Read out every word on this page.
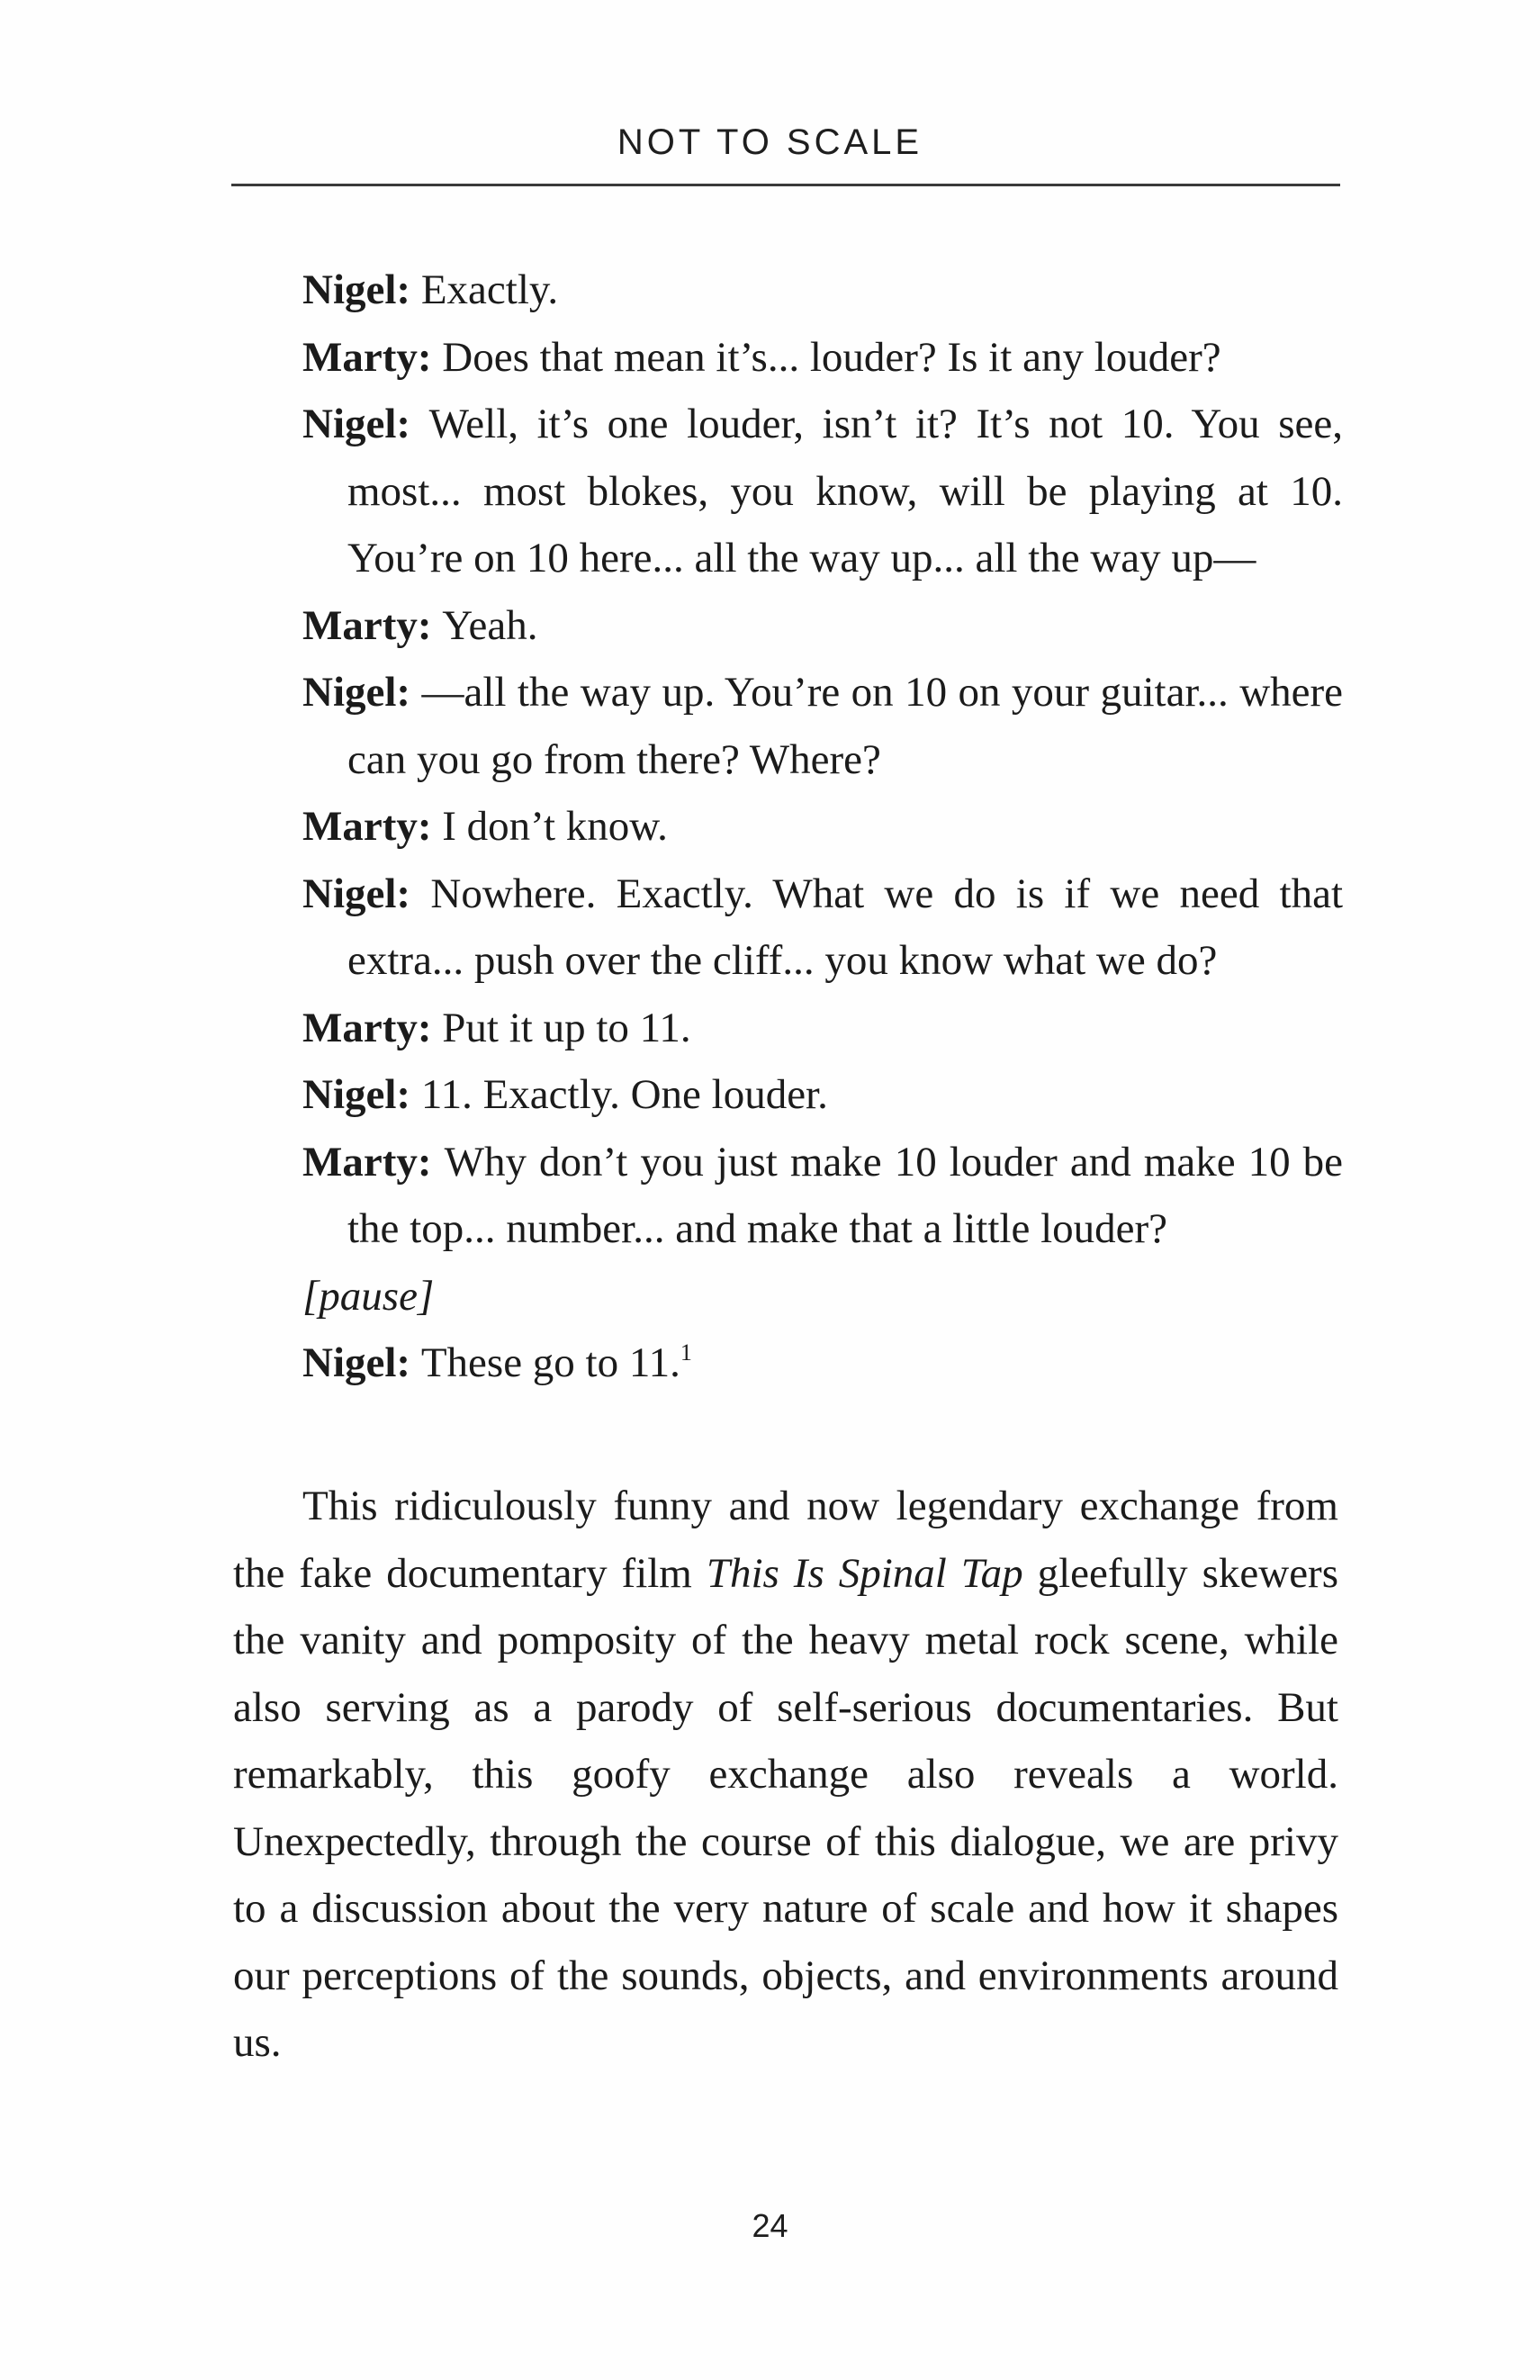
NOT TO SCALE
Nigel: Exactly.
Marty: Does that mean it’s... louder? Is it any louder?
Nigel: Well, it’s one louder, isn’t it? It’s not 10. You see, most... most blokes, you know, will be playing at 10. You’re on 10 here... all the way up... all the way up—
Marty: Yeah.
Nigel: —all the way up. You’re on 10 on your guitar... where can you go from there? Where?
Marty: I don’t know.
Nigel: Nowhere. Exactly. What we do is if we need that extra... push over the cliff... you know what we do?
Marty: Put it up to 11.
Nigel: 11. Exactly. One louder.
Marty: Why don’t you just make 10 louder and make 10 be the top... number... and make that a little louder?
[pause]
Nigel: These go to 11.$^1$

This ridiculously funny and now legendary exchange from the fake documentary film This Is Spinal Tap gleefully skewers the vanity and pomposity of the heavy metal rock scene, while also serving as a parody of self-serious documentaries. But remarkably, this goofy exchange also reveals a world. Unexpectedly, through the course of this dialogue, we are privy to a discussion about the very nature of scale and how it shapes our perceptions of the sounds, objects, and environments around us.

24
